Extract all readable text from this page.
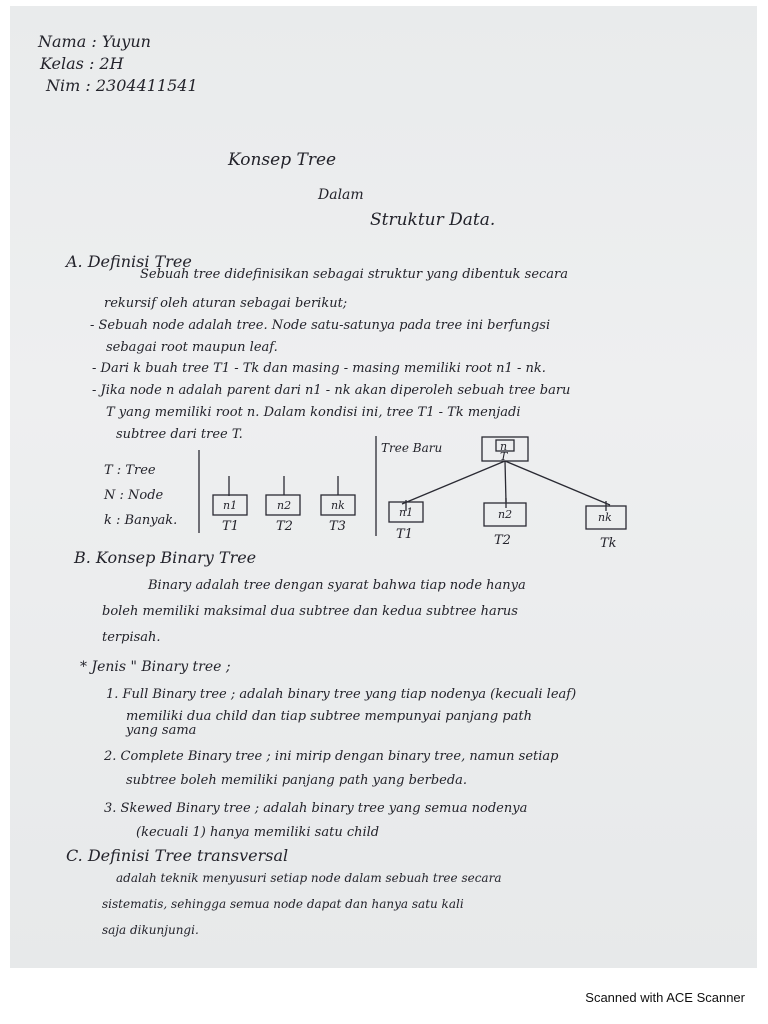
Nama : Yuyun
Kelas : 2H
Nim : 2304411541
Konsep Tree
Dalam
Struktur Data.
A. Definisi Tree
Sebuah tree didefinisikan sebagai struktur yang dibentuk secara
rekursif oleh aturan sebagai berikut;
- Sebuah node adalah tree. Node satu-satunya pada tree ini berfungsi
sebagai root maupun leaf.
- Dari k buah tree T1 - Tk dan masing - masing memiliki root n1 - nk.
- Jika node n adalah parent dari n1 - nk akan diperoleh sebuah tree baru
T yang memiliki root n. Dalam kondisi ini, tree T1 - Tk menjadi
subtree dari tree T.
T : Tree
N : Node
k : Banyak.
n1
T1
n2
T2
nk
T3
Tree Baru	n
T
n1
T1
n2
T2
nk
Tk
B. Konsep Binary Tree
Binary adalah tree dengan syarat bahwa tiap node hanya
boleh memiliki maksimal dua subtree dan kedua subtree harus
terpisah.
* Jenis " Binary tree ;
1. Full Binary tree ; adalah binary tree yang tiap nodenya (kecuali leaf)
memiliki dua child dan tiap subtree mempunyai panjang path
yang sama
2. Complete Binary tree ; ini mirip dengan binary tree, namun setiap
subtree boleh memiliki panjang path yang berbeda.
3. Skewed Binary tree ; adalah binary tree yang semua nodenya
(kecuali 1) hanya memiliki satu child
C. Definisi Tree transversal
adalah teknik menyusuri setiap node dalam sebuah tree secara
sistematis, sehingga semua node dapat dan hanya satu kali
saja dikunjungi.
Scanned with ACE Scanner
